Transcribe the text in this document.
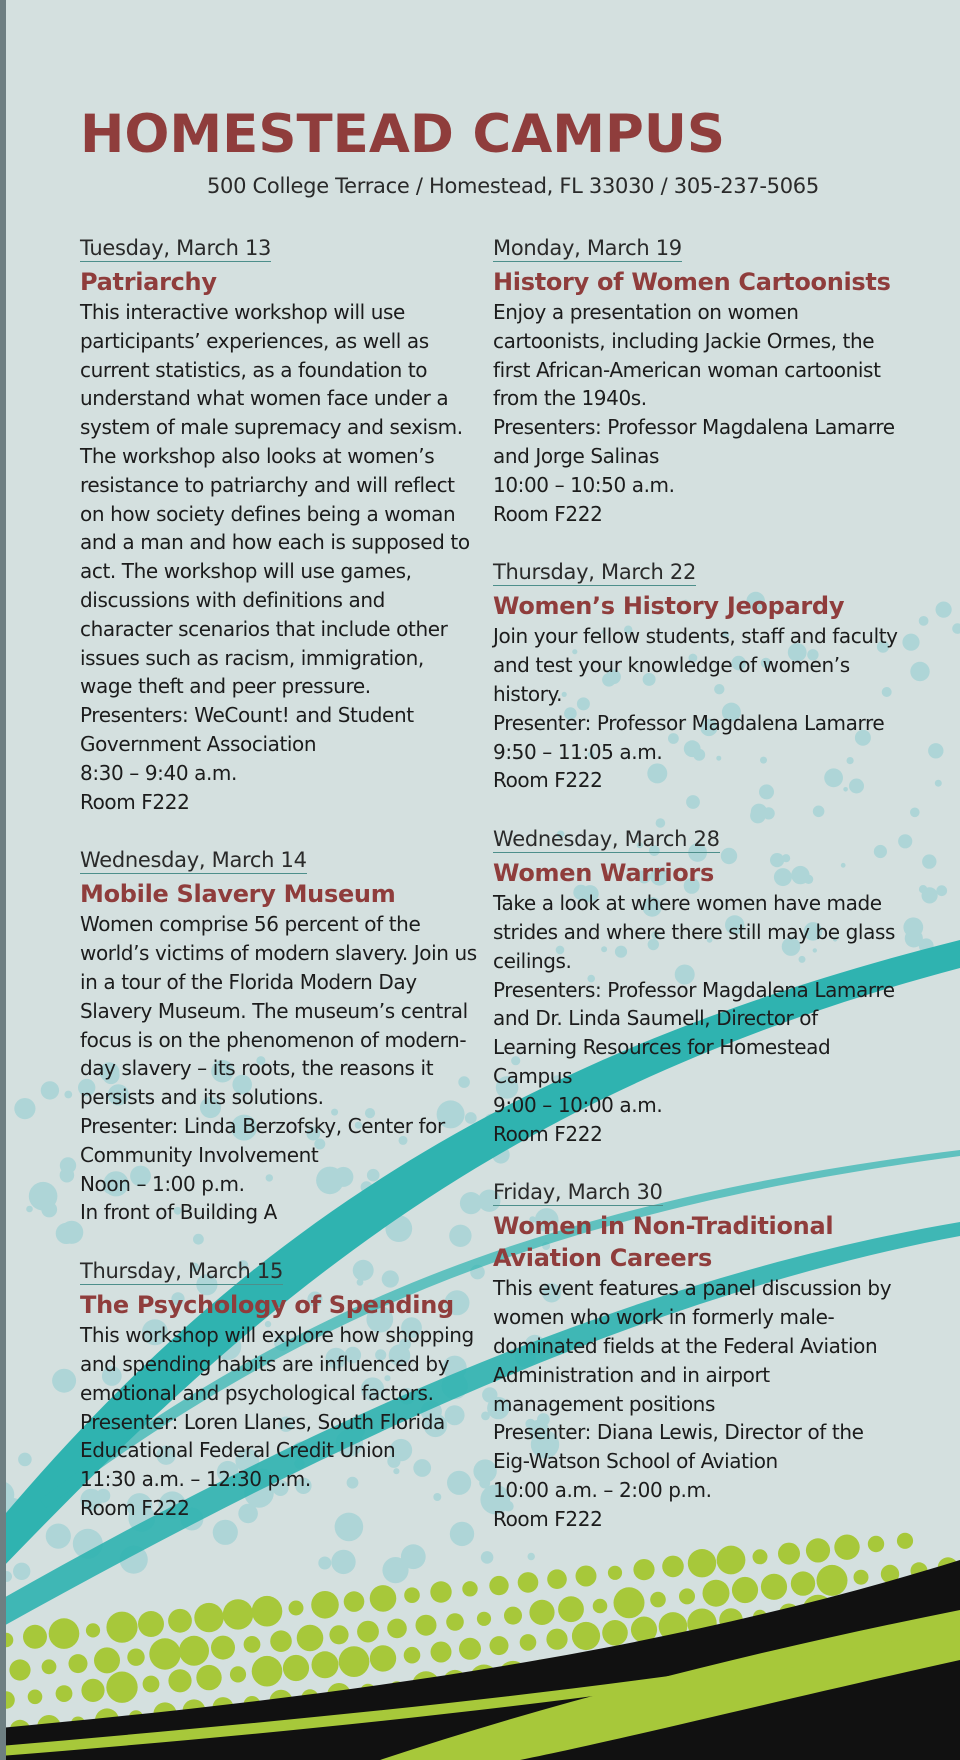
HOMESTEAD CAMPUS
500 College Terrace / Homestead, FL 33030 / 305-237-5065
Tuesday, March 13
Patriarchy
This interactive workshop will use participants’ experiences, as well as current statistics, as a foundation to understand what women face under a system of male supremacy and sexism. The workshop also looks at women’s resistance to patriarchy and will reflect on how society defines being a woman and a man and how each is supposed to act. The workshop will use games, discussions with definitions and character scenarios that include other issues such as racism, immigration, wage theft and peer pressure.
Presenters: WeCount! and Student Government Association
8:30 – 9:40 a.m.
Room F222
Wednesday, March 14
Mobile Slavery Museum
Women comprise 56 percent of the world’s victims of modern slavery. Join us in a tour of the Florida Modern Day Slavery Museum. The museum’s central focus is on the phenomenon of modern-day slavery – its roots, the reasons it persists and its solutions.
Presenter: Linda Berzofsky, Center for Community Involvement
Noon – 1:00 p.m.
In front of Building A
Thursday, March 15
The Psychology of Spending
This workshop will explore how shopping and spending habits are influenced by emotional and psychological factors.
Presenter: Loren Llanes, South Florida Educational Federal Credit Union
11:30 a.m. – 12:30 p.m.
Room F222
Monday, March 19
History of Women Cartoonists
Enjoy a presentation on women cartoonists, including Jackie Ormes, the first African-American woman cartoonist from the 1940s.
Presenters: Professor Magdalena Lamarre and Jorge Salinas
10:00 – 10:50 a.m.
Room F222
Thursday, March 22
Women’s History Jeopardy
Join your fellow students, staff and faculty and test your knowledge of women’s history.
Presenter: Professor Magdalena Lamarre
9:50 – 11:05 a.m.
Room F222
Wednesday, March 28
Women Warriors
Take a look at where women have made strides and where there still may be glass ceilings.
Presenters: Professor Magdalena Lamarre and Dr. Linda Saumell, Director of Learning Resources for Homestead Campus
9:00 – 10:00 a.m.
Room F222
Friday, March 30
Women in Non-Traditional Aviation Careers
This event features a panel discussion by women who work in formerly male-dominated fields at the Federal Aviation Administration and in airport management positions
Presenter: Diana Lewis, Director of the Eig-Watson School of Aviation
10:00 a.m. – 2:00 p.m.
Room F222
